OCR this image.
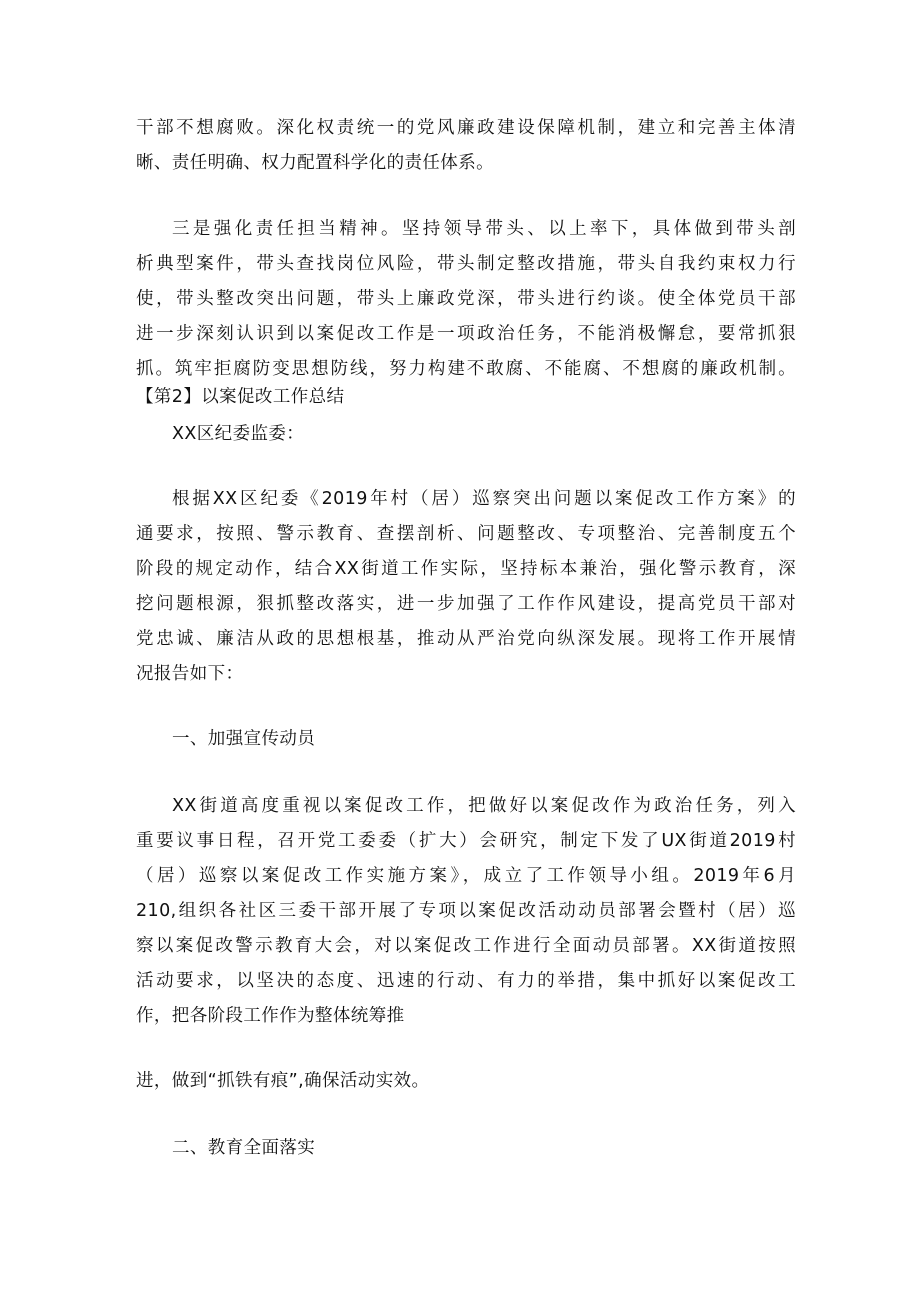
干部不想腐败。深化权责统一的党风廉政建设保障机制，建立和完善主体清
晰、责任明确、权力配置科学化的责任体系。
三是强化责任担当精神。坚持领导带头、以上率下，具体做到带头剖
析典型案件，带头查找岗位风险，带头制定整改措施，带头自我约束权力行
使，带头整改突出问题，带头上廉政党深，带头进行约谈。使全体党员干部
进一步深刻认识到以案促改工作是一项政治任务，不能消极懈怠，要常抓狠
抓。筑牢拒腐防变思想防线，努力构建不敢腐、不能腐、不想腐的廉政机制。
【第2】以案促改工作总结
XX区纪委监委：
根据XX区纪委《2019年村（居）巡察突出问题以案促改工作方案》的
通要求，按照、警示教育、查摆剖析、问题整改、专项整治、完善制度五个
阶段的规定动作，结合XX街道工作实际，坚持标本兼治，强化警示教育，深
挖问题根源，狠抓整改落实，进一步加强了工作作风建设，提高党员干部对
党忠诚、廉洁从政的思想根基，推动从严治党向纵深发展。现将工作开展情
况报告如下：
一、加强宣传动员
XX街道高度重视以案促改工作，把做好以案促改作为政治任务，列入
重要议事日程，召开党工委委（扩大）会研究，制定下发了UX街道2019村
（居）巡察以案促改工作实施方案》，成立了工作领导小组。2019年6月
210,组织各社区三委干部开展了专项以案促改活动动员部署会暨村（居）巡
察以案促改警示教育大会，对以案促改工作进行全面动员部署。XX街道按照
活动要求，以坚决的态度、迅速的行动、有力的举措，集中抓好以案促改工
作，把各阶段工作作为整体统筹推
进，做到“抓铁有痕”,确保活动实效。
二、教育全面落实
